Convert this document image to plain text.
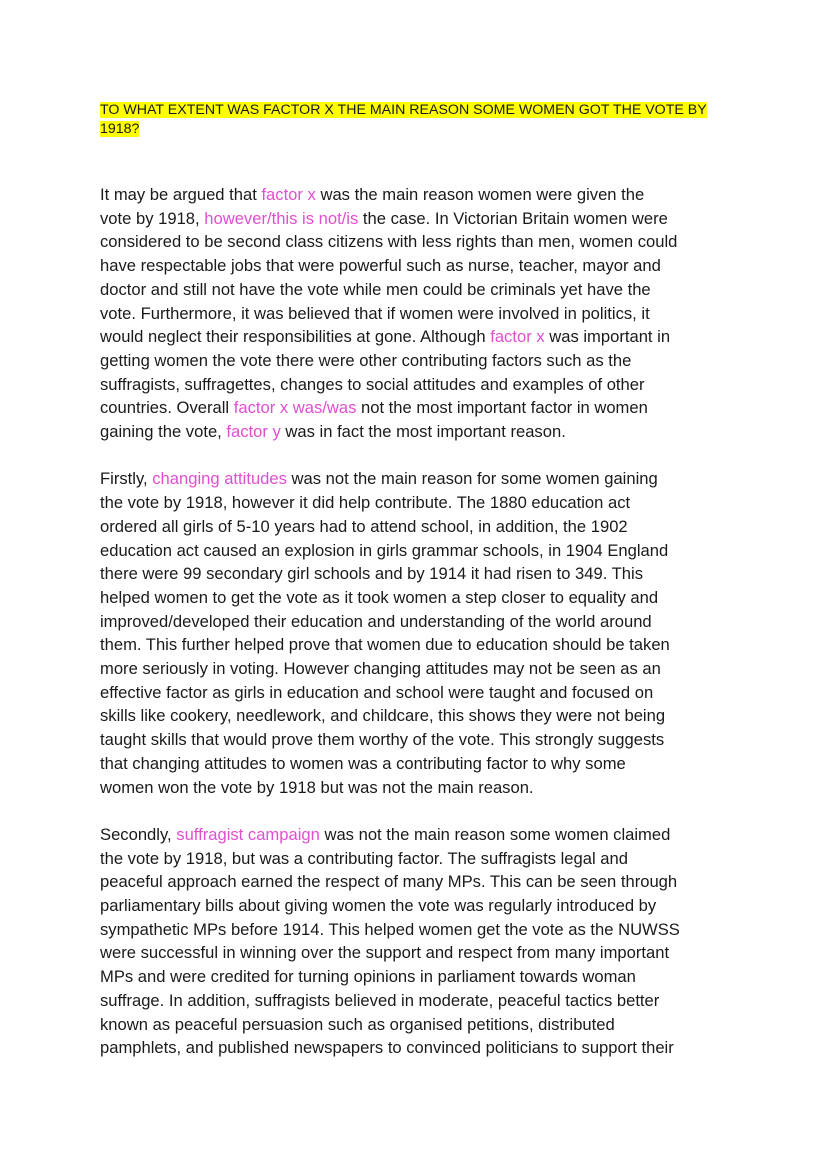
TO WHAT EXTENT WAS FACTOR X THE MAIN REASON SOME WOMEN GOT THE VOTE BY
1918?

It may be argued that factor x was the main reason women were given the
vote by 1918, however/this is not/is the case. In Victorian Britain women were
considered to be second class citizens with less rights than men, women could
have respectable jobs that were powerful such as nurse, teacher, mayor and
doctor and still not have the vote while men could be criminals yet have the
vote. Furthermore, it was believed that if women were involved in politics, it
would neglect their responsibilities at gone. Although factor x was important in
getting women the vote there were other contributing factors such as the
suffragists, suffragettes, changes to social attitudes and examples of other
countries. Overall factor x was/was not the most important factor in women
gaining the vote, factor y was in fact the most important reason.

Firstly, changing attitudes was not the main reason for some women gaining
the vote by 1918, however it did help contribute. The 1880 education act
ordered all girls of 5-10 years had to attend school, in addition, the 1902
education act caused an explosion in girls grammar schools, in 1904 England
there were 99 secondary girl schools and by 1914 it had risen to 349. This
helped women to get the vote as it took women a step closer to equality and
improved/developed their education and understanding of the world around
them. This further helped prove that women due to education should be taken
more seriously in voting. However changing attitudes may not be seen as an
effective factor as girls in education and school were taught and focused on
skills like cookery, needlework, and childcare, this shows they were not being
taught skills that would prove them worthy of the vote. This strongly suggests
that changing attitudes to women was a contributing factor to why some
women won the vote by 1918 but was not the main reason.

Secondly, suffragist campaign was not the main reason some women claimed
the vote by 1918, but was a contributing factor. The suffragists legal and
peaceful approach earned the respect of many MPs. This can be seen through
parliamentary bills about giving women the vote was regularly introduced by
sympathetic MPs before 1914. This helped women get the vote as the NUWSS
were successful in winning over the support and respect from many important
MPs and were credited for turning opinions in parliament towards woman
suffrage. In addition, suffragists believed in moderate, peaceful tactics better
known as peaceful persuasion such as organised petitions, distributed
pamphlets, and published newspapers to convinced politicians to support their
